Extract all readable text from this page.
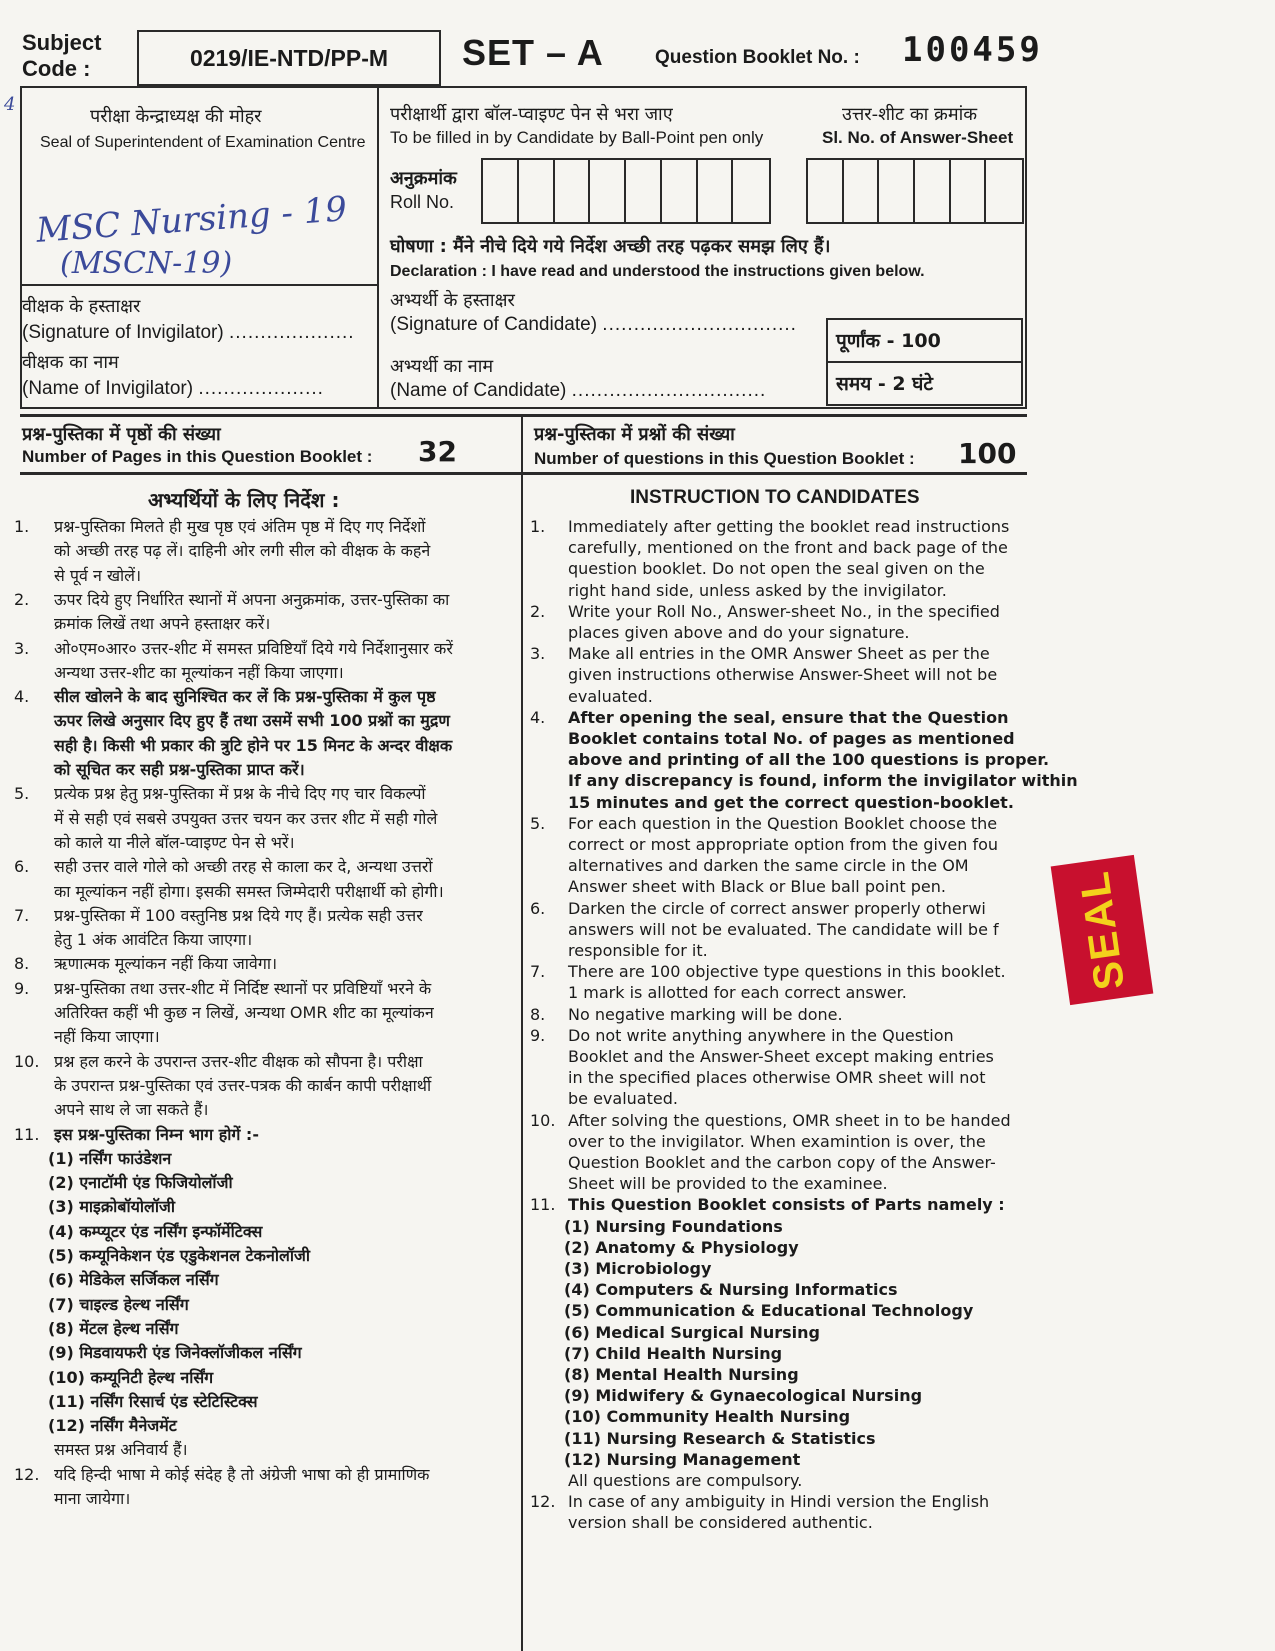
Subject
Code :	0219/IE-NTD/PP-M	SET – A	Question Booklet No. : 100459
4
परीक्षा केन्द्राध्यक्ष की मोहर
Seal of Superintendent of Examination Centre
MSC Nursing - 19
(MSCN-19)
परीक्षार्थी द्वारा बॉल-प्वाइण्ट पेन से भरा जाए
To be filled in by Candidate by Ball-Point pen only
उत्तर-शीट का क्रमांक
Sl. No. of Answer-Sheet
अनुक्रमांक
Roll No.
घोषणा : मैंने नीचे दिये गये निर्देश अच्छी तरह पढ़कर समझ लिए हैं।
Declaration : I have read and understood the instructions given below.
अभ्यर्थी के हस्ताक्षर
(Signature of Candidate) ...............................
अभ्यर्थी का नाम
(Name of Candidate) ...............................
पूर्णांक - 100
समय - 2 घंटे
वीक्षक के हस्ताक्षर
(Signature of Invigilator) ....................
वीक्षक का नाम
(Name of Invigilator) ....................
प्रश्न-पुस्तिका में पृष्ठों की संख्या
Number of Pages in this Question Booklet : 32
प्रश्न-पुस्तिका में प्रश्नों की संख्या
Number of questions in this Question Booklet : 100
अभ्यर्थियों के लिए निर्देश :	INSTRUCTION TO CANDIDATES
1. प्रश्न-पुस्तिका मिलते ही मुख पृष्ठ एवं अंतिम पृष्ठ में दिए गए निर्देशों
को अच्छी तरह पढ़ लें। दाहिनी ओर लगी सील को वीक्षक के कहने
से पूर्व न खोलें।
2. ऊपर दिये हुए निर्धारित स्थानों में अपना अनुक्रमांक, उत्तर-पुस्तिका का
क्रमांक लिखें तथा अपने हस्ताक्षर करें।
3. ओ०एम०आर० उत्तर-शीट में समस्त प्रविष्टियाँ दिये गये निर्देशानुसार करें
अन्यथा उत्तर-शीट का मूल्यांकन नहीं किया जाएगा।
4. सील खोलने के बाद सुनिश्चित कर लें कि प्रश्न-पुस्तिका में कुल पृष्ठ
ऊपर लिखे अनुसार दिए हुए हैं तथा उसमें सभी 100 प्रश्नों का मुद्रण
सही है। किसी भी प्रकार की त्रुटि होने पर 15 मिनट के अन्दर वीक्षक
को सूचित कर सही प्रश्न-पुस्तिका प्राप्त करें।
5. प्रत्येक प्रश्न हेतु प्रश्न-पुस्तिका में प्रश्न के नीचे दिए गए चार विकल्पों
में से सही एवं सबसे उपयुक्त उत्तर चयन कर उत्तर शीट में सही गोले
को काले या नीले बॉल-प्वाइण्ट पेन से भरें।
6. सही उत्तर वाले गोले को अच्छी तरह से काला कर दे, अन्यथा उत्तरों
का मूल्यांकन नहीं होगा। इसकी समस्त जिम्मेदारी परीक्षार्थी को होगी।
7. प्रश्न-पुस्तिका में 100 वस्तुनिष्ठ प्रश्न दिये गए हैं। प्रत्येक सही उत्तर
हेतु 1 अंक आवंटित किया जाएगा।
8. ऋणात्मक मूल्यांकन नहीं किया जावेगा।
9. प्रश्न-पुस्तिका तथा उत्तर-शीट में निर्दिष्ट स्थानों पर प्रविष्टियाँ भरने के
अतिरिक्त कहीं भी कुछ न लिखें, अन्यथा OMR शीट का मूल्यांकन
नहीं किया जाएगा।
10. प्रश्न हल करने के उपरान्त उत्तर-शीट वीक्षक को सौपना है। परीक्षा
के उपरान्त प्रश्न-पुस्तिका एवं उत्तर-पत्रक की कार्बन कापी परीक्षार्थी
अपने साथ ले जा सकते हैं।
11. इस प्रश्न-पुस्तिका निम्न भाग होगें :-
(1) नर्सिंग फाउंडेशन
(2) एनाटॉमी एंड फिजियोलॉजी
(3) माइक्रोबॉयोलॉजी
(4) कम्प्यूटर एंड नर्सिंग इन्फॉर्मेटिक्स
(5) कम्यूनिकेशन एंड एडुकेशनल टेकनोलॉजी
(6) मेडिकेल सर्जिकल नर्सिंग
(7) चाइल्ड हेल्थ नर्सिंग
(8) मेंटल हेल्थ नर्सिंग
(9) मिडवायफरी एंड जिनेक्लॉजीकल नर्सिंग
(10) कम्यूनिटी हेल्थ नर्सिंग
(11) नर्सिंग रिसार्च एंड स्टेटिस्टिक्स
(12) नर्सिंग मैनेजमेंट
समस्त प्रश्न अनिवार्य हैं।
12. यदि हिन्दी भाषा मे कोई संदेह है तो अंग्रेजी भाषा को ही प्रामाणिक
माना जायेगा।
1. Immediately after getting the booklet read instructions
carefully, mentioned on the front and back page of the
question booklet. Do not open the seal given on the
right hand side, unless asked by the invigilator.
2. Write your Roll No., Answer-sheet No., in the specified
places given above and do your signature.
3. Make all entries in the OMR Answer Sheet as per the
given instructions otherwise Answer-Sheet will not be
evaluated.
4. After opening the seal, ensure that the Question
Booklet contains total No. of pages as mentioned
above and printing of all the 100 questions is proper.
If any discrepancy is found, inform the invigilator within
15 minutes and get the correct question-booklet.
5. For each question in the Question Booklet choose the
correct or most appropriate option from the given fou
alternatives and darken the same circle in the OM
Answer sheet with Black or Blue ball point pen.
6. Darken the circle of correct answer properly otherwi
answers will not be evaluated. The candidate will be f
responsible for it.
7. There are 100 objective type questions in this booklet.
1 mark is allotted for each correct answer.
8. No negative marking will be done.
9. Do not write anything anywhere in the Question
Booklet and the Answer-Sheet except making entries
in the specified places otherwise OMR sheet will not
be evaluated.
10. After solving the questions, OMR sheet in to be handed
over to the invigilator. When examintion is over, the
Question Booklet and the carbon copy of the Answer-
Sheet will be provided to the examinee.
11. This Question Booklet consists of Parts namely :
(1) Nursing Foundations
(2) Anatomy & Physiology
(3) Microbiology
(4) Computers & Nursing Informatics
(5) Communication & Educational Technology
(6) Medical Surgical Nursing
(7) Child Health Nursing
(8) Mental Health Nursing
(9) Midwifery & Gynaecological Nursing
(10) Community Health Nursing
(11) Nursing Research & Statistics
(12) Nursing Management
All questions are compulsory.
12. In case of any ambiguity in Hindi version the English
version shall be considered authentic.
SEAL
